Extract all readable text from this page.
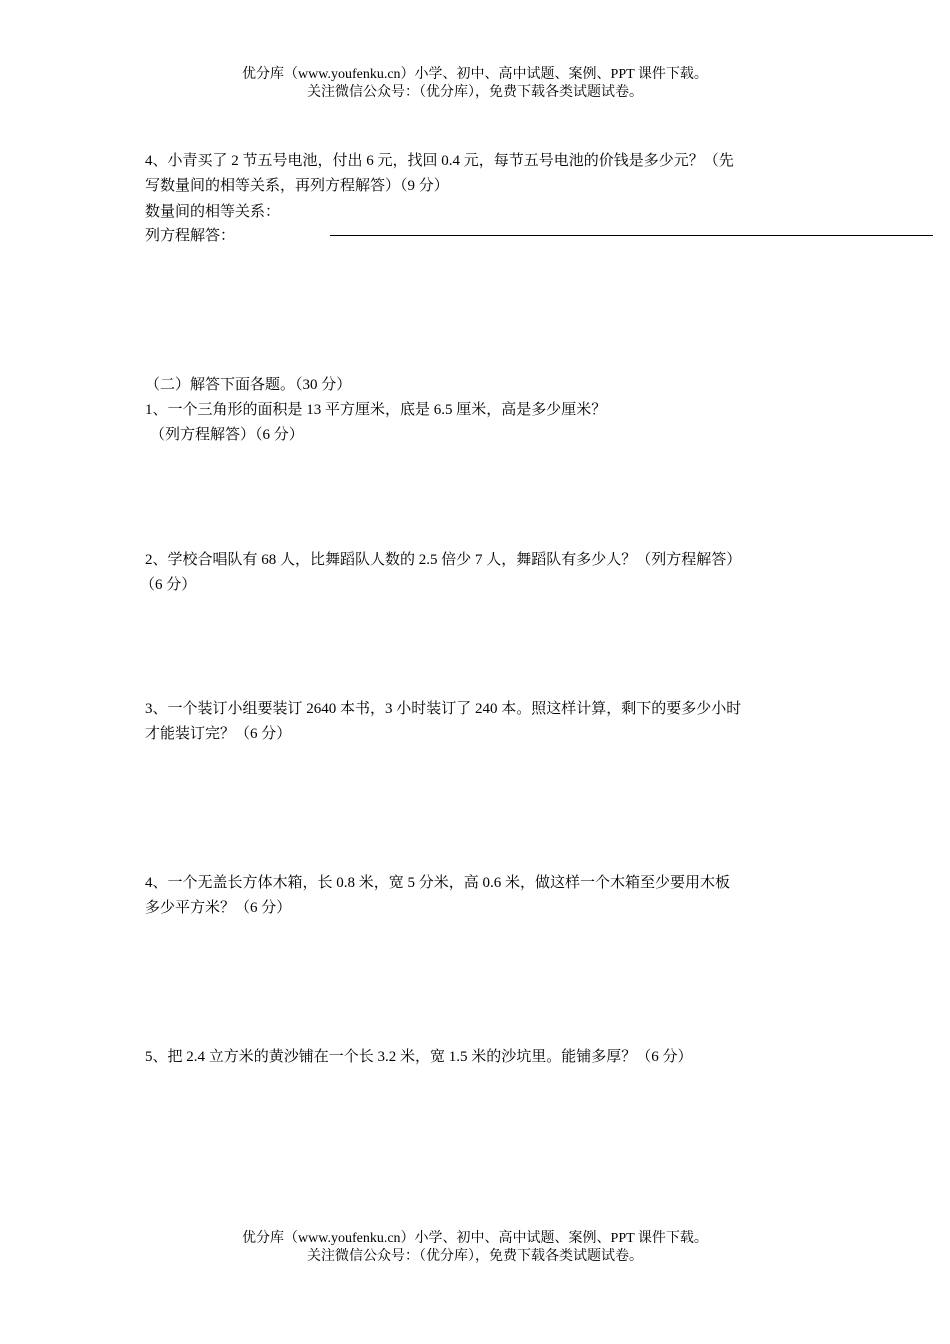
优分库（www.youfenku.cn）小学、初中、高中试题、案例、PPT 课件下载。
关注微信公众号：（优分库），免费下载各类试题试卷。
4、小青买了 2 节五号电池，付出 6 元，找回 0.4 元，每节五号电池的价钱是多少元？（先
写数量间的相等关系，再列方程解答）（9 分）
数量间的相等关系：
列方程解答：
（二）解答下面各题。（30 分）
1、一个三角形的面积是 13 平方厘米，底是 6.5 厘米，高是多少厘米？
（列方程解答）（6 分）
2、学校合唱队有 68 人，比舞蹈队人数的 2.5 倍少 7 人，舞蹈队有多少人？（列方程解答）
（6 分）
3、一个装订小组要装订 2640 本书，3 小时装订了 240 本。照这样计算，剩下的要多少小时
才能装订完？（6 分）
4、一个无盖长方体木箱，长 0.8 米，宽 5 分米，高 0.6 米，做这样一个木箱至少要用木板
多少平方米？（6 分）
5、把 2.4 立方米的黄沙铺在一个长 3.2 米，宽 1.5 米的沙坑里。能铺多厚？（6 分）
优分库（www.youfenku.cn）小学、初中、高中试题、案例、PPT 课件下载。
关注微信公众号：（优分库），免费下载各类试题试卷。
